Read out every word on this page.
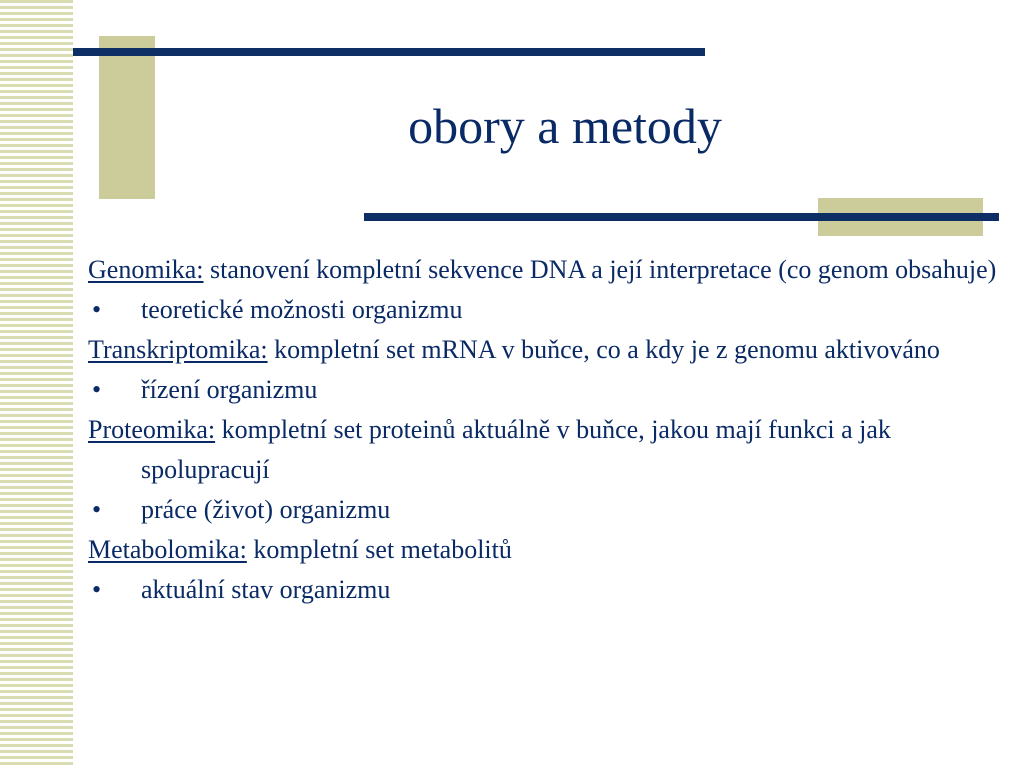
obory a metody
Genomika: stanovení kompletní sekvence DNA a její interpretace (co genom obsahuje)
•	teoretické možnosti organizmu
Transkriptomika: kompletní set mRNA v buňce, co a kdy je z genomu aktivováno
•	řízení organizmu
Proteomika: kompletní set proteinů aktuálně v buňce, jakou mají funkci a jak spolupracují
•	práce (život) organizmu
Metabolomika: kompletní set metabolitů
•	aktuální stav organizmu
